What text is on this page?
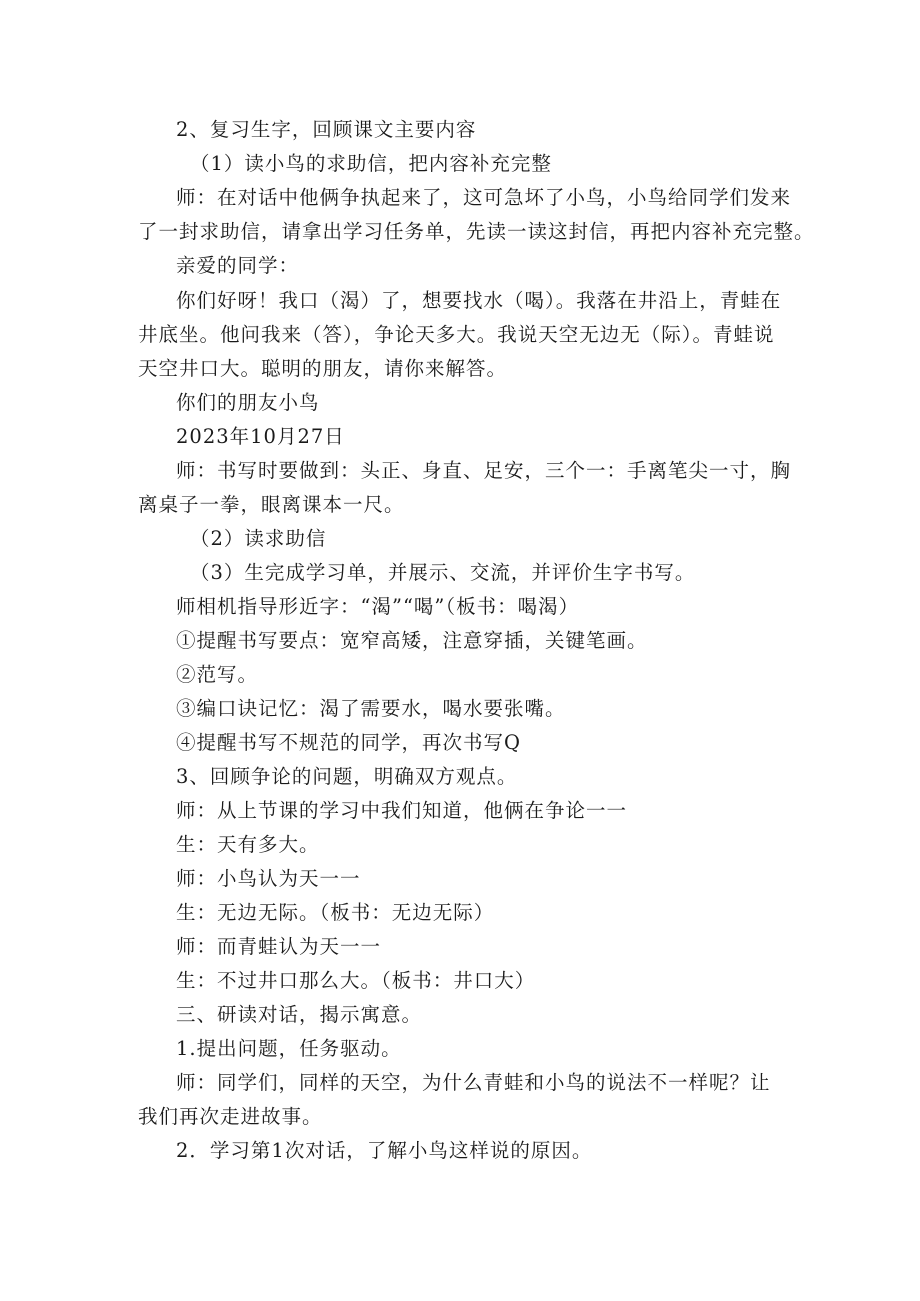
2、复习生字，回顾课文主要内容
（1）读小鸟的求助信，把内容补充完整
师：在对话中他俩争执起来了，这可急坏了小鸟，小鸟给同学们发来
了一封求助信，请拿出学习任务单，先读一读这封信，再把内容补充完整。
亲爱的同学：
你们好呀！我口（渴）了，想要找水（喝）。我落在井沿上，青蛙在
井底坐。他问我来（答），争论天多大。我说天空无边无（际）。青蛙说
天空井口大。聪明的朋友，请你来解答。
你们的朋友小鸟
2023年10月27日
师：书写时要做到：头正、身直、足安，三个一：手离笔尖一寸，胸
离桌子一拳，眼离课本一尺。
（2）读求助信
（3）生完成学习单，并展示、交流，并评价生字书写。
师相机指导形近字：“渴”“喝”（板书：喝渴）
①提醒书写要点：宽窄高矮，注意穿插，关键笔画。
②范写。
③编口诀记忆：渴了需要水，喝水要张嘴。
④提醒书写不规范的同学，再次书写Q
3、回顾争论的问题，明确双方观点。
师：从上节课的学习中我们知道，他俩在争论一一
生：天有多大。
师：小鸟认为天一一
生：无边无际。（板书：无边无际）
师：而青蛙认为天一一
生：不过井口那么大。（板书：井口大）
三、研读对话，揭示寓意。
1.提出问题，任务驱动。
师：同学们，同样的天空，为什么青蛙和小鸟的说法不一样呢？让
我们再次走进故事。
2．学习第1次对话，了解小鸟这样说的原因。
